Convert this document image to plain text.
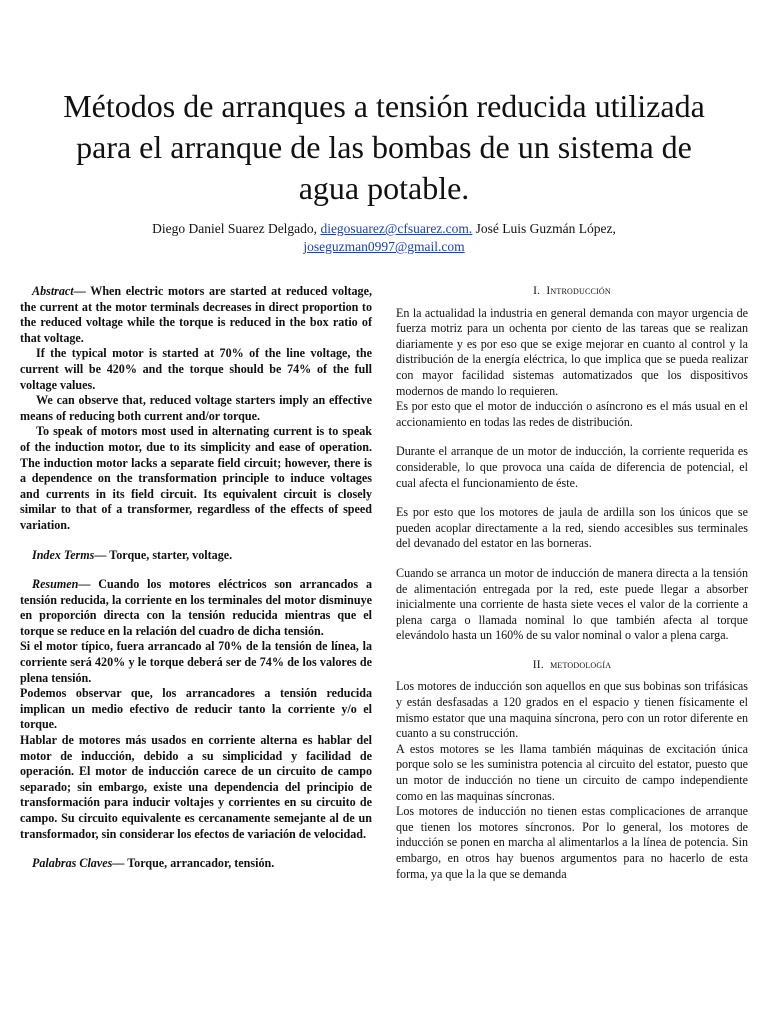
Métodos de arranques a tensión reducida utilizada para el arranque de las bombas de un sistema de agua potable.
Diego Daniel Suarez Delgado, diegosuarez@cfsuarez.com. José Luis Guzmán López,
joseguzman0997@gmail.com

Abstract— When electric motors are started at reduced voltage, the current at the motor terminals decreases in direct proportion to the reduced voltage while the torque is reduced in the box ratio of that voltage.

If the typical motor is started at 70% of the line voltage, the current will be 420% and the torque should be 74% of the full voltage values.

We can observe that, reduced voltage starters imply an effective means of reducing both current and/or torque.

To speak of motors most used in alternating current is to speak of the induction motor, due to its simplicity and ease of operation. The induction motor lacks a separate field circuit; however, there is a dependence on the transformation principle to induce voltages and currents in its field circuit. Its equivalent circuit is closely similar to that of a transformer, regardless of the effects of speed variation.

Index Terms— Torque, starter, voltage.

Resumen— Cuando los motores eléctricos son arrancados a tensión reducida, la corriente en los terminales del motor disminuye en proporción directa con la tensión reducida mientras que el torque se reduce en la relación del cuadro de dicha tensión.

Si el motor típico, fuera arrancado al 70% de la tensión de línea, la corriente será 420% y le torque deberá ser de 74% de los valores de plena tensión.

Podemos observar que, los arrancadores a tensión reducida implican un medio efectivo de reducir tanto la corriente y/o el torque.

Hablar de motores más usados en corriente alterna es hablar del motor de inducción, debido a su simplicidad y facilidad de operación. El motor de inducción carece de un circuito de campo separado; sin embargo, existe una dependencia del principio de transformación para inducir voltajes y corrientes en su circuito de campo. Su circuito equivalente es cercanamente semejante al de un transformador, sin considerar los efectos de variación de velocidad.

Palabras Claves— Torque, arrancador, tensión.

I. Introducción

En la actualidad la industria en general demanda con mayor urgencia de fuerza motriz para un ochenta por ciento de las tareas que se realizan diariamente y es por eso que se exige mejorar en cuanto al control y la distribución de la energía eléctrica, lo que implica que se pueda realizar con mayor facilidad sistemas automatizados que los dispositivos modernos de mando lo requieren.

Es por esto que el motor de inducción o asíncrono es el más usual en el accionamiento en todas las redes de distribución.

Durante el arranque de un motor de inducción, la corriente requerida es considerable, lo que provoca una caída de diferencia de potencial, el cual afecta el funcionamiento de éste.

Es por esto que los motores de jaula de ardilla son los únicos que se pueden acoplar directamente a la red, siendo accesibles sus terminales del devanado del estator en las borneras.

Cuando se arranca un motor de inducción de manera directa a la tensión de alimentación entregada por la red, este puede llegar a absorber inicialmente una corriente de hasta siete veces el valor de la corriente a plena carga o llamada nominal lo que también afecta al torque elevándolo hasta un 160% de su valor nominal o valor a plena carga.

II. metodología

Los motores de inducción son aquellos en que sus bobinas son trifásicas y están desfasadas a 120 grados en el espacio y tienen físicamente el mismo estator que una maquina síncrona, pero con un rotor diferente en cuanto a su construcción.

A estos motores se les llama también máquinas de excitación única porque solo se les suministra potencia al circuito del estator, puesto que un motor de inducción no tiene un circuito de campo independiente como en las maquinas síncronas.

Los motores de inducción no tienen estas complicaciones de arranque que tienen los motores síncronos. Por lo general, los motores de inducción se ponen en marcha al alimentarlos a la línea de potencia. Sin embargo, en otros hay buenos argumentos para no hacerlo de esta forma, ya que la la que se demanda
